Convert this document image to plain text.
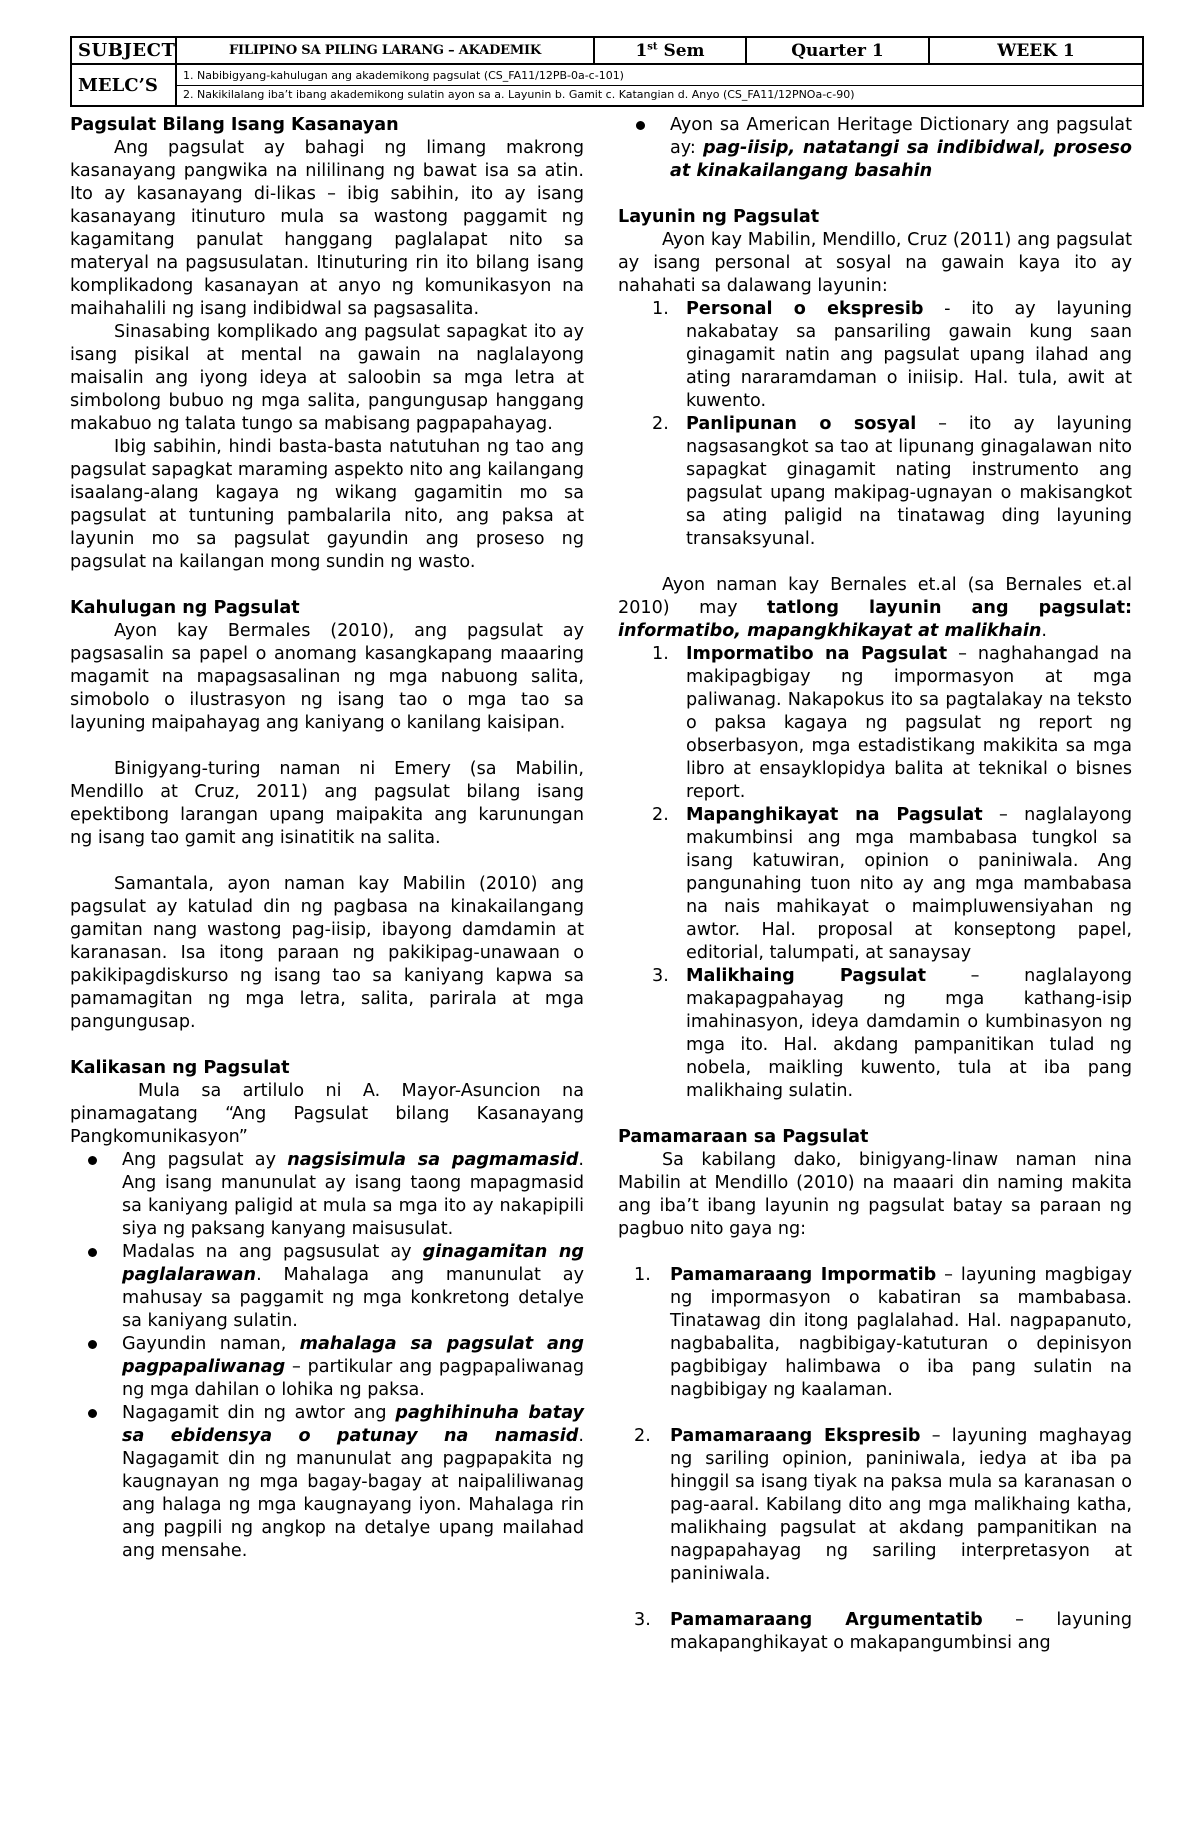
SUBJECT	FILIPINO SA PILING LARANG – AKADEMIK	1st Sem	Quarter 1	WEEK 1
MELC’S	1. Nabibigyang-kahulugan ang akademikong pagsulat (CS_FA11/12PB-0a-c-101)
2. Nakikilalang iba’t ibang akademikong sulatin ayon sa a. Layunin b. Gamit c. Katangian d. Anyo (CS_FA11/12PNOa-c-90)			
Pagsulat Bilang Isang Kasanayan

Ang pagsulat ay bahagi ng limang makrong kasanayang pangwika na nililinang ng bawat isa sa atin. Ito ay kasanayang di-likas – ibig sabihin, ito ay isang kasanayang itinuturo mula sa wastong paggamit ng kagamitang panulat hanggang paglalapat nito sa materyal na pagsusulatan. Itinuturing rin ito bilang isang komplikadong kasanayan at anyo ng komunikasyon na maihahalili ng isang indibidwal sa pagsasalita.

Sinasabing komplikado ang pagsulat sapagkat ito ay isang pisikal at mental na gawain na naglalayong maisalin ang iyong ideya at saloobin sa mga letra at simbolong bubuo ng mga salita, pangungusap hanggang makabuo ng talata tungo sa mabisang pagpapahayag.

Ibig sabihin, hindi basta-basta natutuhan ng tao ang pagsulat sapagkat maraming aspekto nito ang kailangang isaalang-alang kagaya ng wikang gagamitin mo sa pagsulat at tuntuning pambalarila nito, ang paksa at layunin mo sa pagsulat gayundin ang proseso ng pagsulat na kailangan mong sundin ng wasto.

Kahulugan ng Pagsulat

Ayon kay Bermales (2010), ang pagsulat ay pagsasalin sa papel o anomang kasangkapang maaaring magamit na mapagsasalinan ng mga nabuong salita, simobolo o ilustrasyon ng isang tao o mga tao sa layuning maipahayag ang kaniyang o kanilang kaisipan.

Binigyang-turing naman ni Emery (sa Mabilin, Mendillo at Cruz, 2011) ang pagsulat bilang isang epektibong larangan upang maipakita ang karunungan ng isang tao gamit ang isinatitik na salita.

Samantala, ayon naman kay Mabilin (2010) ang pagsulat ay katulad din ng pagbasa na kinakailangang gamitan nang wastong pag-iisip, ibayong damdamin at karanasan. Isa itong paraan ng pakikipag-unawaan o pakikipagdiskurso ng isang tao sa kaniyang kapwa sa pamamagitan ng mga letra, salita, parirala at mga pangungusap.

Kalikasan ng Pagsulat

Mula sa artilulo ni A. Mayor-Asuncion na pinamagatang “Ang Pagsulat bilang Kasanayang Pangkomunikasyon”

Ang pagsulat ay nagsisimula sa pagmamasid. Ang isang manunulat ay isang taong mapagmasid sa kaniyang paligid at mula sa mga ito ay nakapipili siya ng paksang kanyang maisusulat.
Madalas na ang pagsusulat ay ginagamitan ng paglalarawan. Mahalaga ang manunulat ay mahusay sa paggamit ng mga konkretong detalye sa kaniyang sulatin.
Gayundin naman, mahalaga sa pagsulat ang pagpapaliwanag – partikular ang pagpapaliwanag ng mga dahilan o lohika ng paksa.
Nagagamit din ng awtor ang paghihinuha batay sa ebidensya o patunay na namasid. Nagagamit din ng manunulat ang pagpapakita ng kaugnayan ng mga bagay-bagay at naipaliliwanag ang halaga ng mga kaugnayang iyon. Mahalaga rin ang pagpili ng angkop na detalye upang mailahad ang mensahe.
Ayon sa American Heritage Dictionary ang pagsulat ay: pag-iisip, natatangi sa indibidwal, proseso at kinakailangang basahin
Layunin ng Pagsulat

Ayon kay Mabilin, Mendillo, Cruz (2011) ang pagsulat ay isang personal at sosyal na gawain kaya ito ay nahahati sa dalawang layunin:

1. Personal o ekspresib - ito ay layuning nakabatay sa pansariling gawain kung saan ginagamit natin ang pagsulat upang ilahad ang ating nararamdaman o iniisip. Hal. tula, awit at kuwento.
2. Panlipunan o sosyal – ito ay layuning nagsasangkot sa tao at lipunang ginagalawan nito sapagkat ginagamit nating instrumento ang pagsulat upang makipag-ugnayan o makisangkot sa ating paligid na tinatawag ding layuning transaksyunal.

Ayon naman kay Bernales et.al (sa Bernales et.al 2010) may tatlong layunin ang pagsulat: informatibo, mapangkhikayat at malikhain.

1. Impormatibo na Pagsulat – naghahangad na makipagbigay ng impormasyon at mga paliwanag. Nakapokus ito sa pagtalakay na teksto o paksa kagaya ng pagsulat ng report ng obserbasyon, mga estadistikang makikita sa mga libro at ensayklopidya balita at teknikal o bisnes report.
2. Mapanghikayat na Pagsulat – naglalayong makumbinsi ang mga mambabasa tungkol sa isang katuwiran, opinion o paniniwala. Ang pangunahing tuon nito ay ang mga mambabasa na nais mahikayat o maimpluwensiyahan ng awtor. Hal. proposal at konseptong papel, editorial, talumpati, at sanaysay
3. Malikhaing Pagsulat – naglalayong makapagpahayag ng mga kathang-isip imahinasyon, ideya damdamin o kumbinasyon ng mga ito. Hal. akdang pampanitikan tulad ng nobela, maikling kuwento, tula at iba pang malikhaing sulatin.
Pamamaraan sa Pagsulat

Sa kabilang dako, binigyang-linaw naman nina Mabilin at Mendillo (2010) na maaari din naming makita ang iba’t ibang layunin ng pagsulat batay sa paraan ng pagbuo nito gaya ng:

1. Pamamaraang Impormatib – layuning magbigay ng impormasyon o kabatiran sa mambabasa. Tinatawag din itong paglalahad. Hal. nagpapanuto, nagbabalita, nagbibigay-katuturan o depinisyon pagbibigay halimbawa o iba pang sulatin na nagbibigay ng kaalaman.
2. Pamamaraang Ekspresib – layuning maghayag ng sariling opinion, paniniwala, iedya at iba pa hinggil sa isang tiyak na paksa mula sa karanasan o pag-aaral. Kabilang dito ang mga malikhaing katha, malikhaing pagsulat at akdang pampanitikan na nagpapahayag ng sariling interpretasyon at paniniwala.
3. Pamamaraang Argumentatib – layuning makapanghikayat o makapangumbinsi ang
